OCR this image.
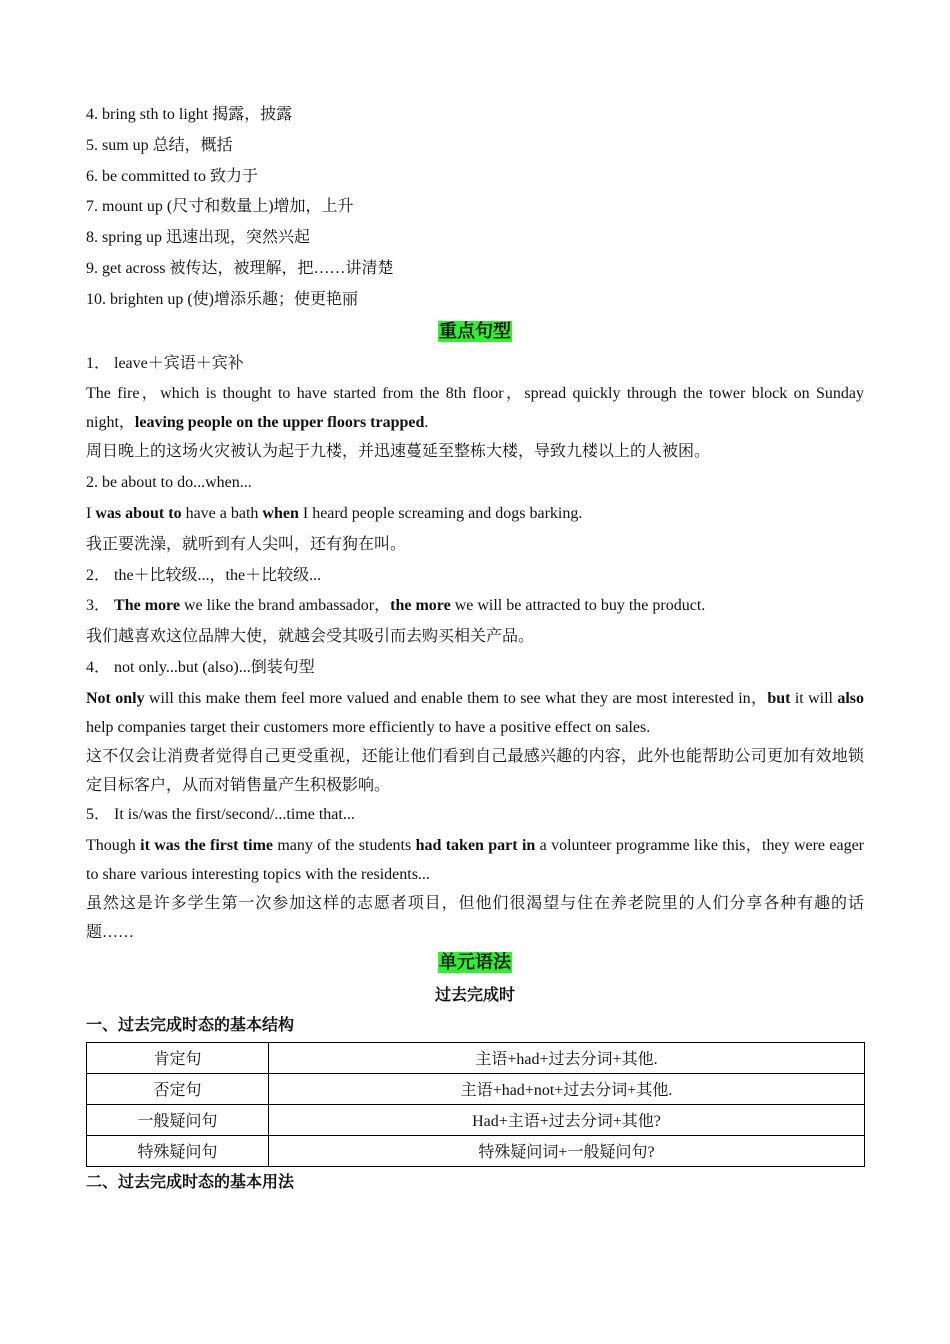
4. bring sth to light 揭露，披露
5. sum up 总结，概括
6. be committed to 致力于
7. mount up (尺寸和数量上)增加，上升
8. spring up 迅速出现，突然兴起
9. get across 被传达，被理解，把……讲清楚
10. brighten up (使)增添乐趣；使更艳丽
重点句型
1． leave＋宾语＋宾补
The fire，which is thought to have started from the 8th floor，spread quickly through the tower block on Sunday night，leaving people on the upper floors trapped.
周日晚上的这场火灾被认为起于九楼，并迅速蔓延至整栋大楼，导致九楼以上的人被困。
2. be about to do...when...
I was about to have a bath when I heard people screaming and dogs barking.
我正要洗澡，就听到有人尖叫，还有狗在叫。
2． the＋比较级...，the＋比较级...
3． The more we like the brand ambassador，the more we will be attracted to buy the product.
我们越喜欢这位品牌大使，就越会受其吸引而去购买相关产品。
4． not only...but (also)...倒装句型
Not only will this make them feel more valued and enable them to see what they are most interested in，but it will also help companies target their customers more efficiently to have a positive effect on sales.
这不仅会让消费者觉得自己更受重视，还能让他们看到自己最感兴趣的内容，此外也能帮助公司更加有效地锁定目标客户，从而对销售量产生积极影响。
5． It is/was the first/second/...time that...
Though it was the first time many of the students had taken part in a volunteer programme like this，they were eager to share various interesting topics with the residents...
虽然这是许多学生第一次参加这样的志愿者项目，但他们很渴望与住在养老院里的人们分享各种有趣的话题……
单元语法
过去完成时
一、过去完成时态的基本结构
肯定句	主语+had+过去分词+其他.
否定句	主语+had+not+过去分词+其他.
一般疑问句	Had+主语+过去分词+其他?
特殊疑问句	特殊疑问词+一般疑问句?
二、过去完成时态的基本用法
